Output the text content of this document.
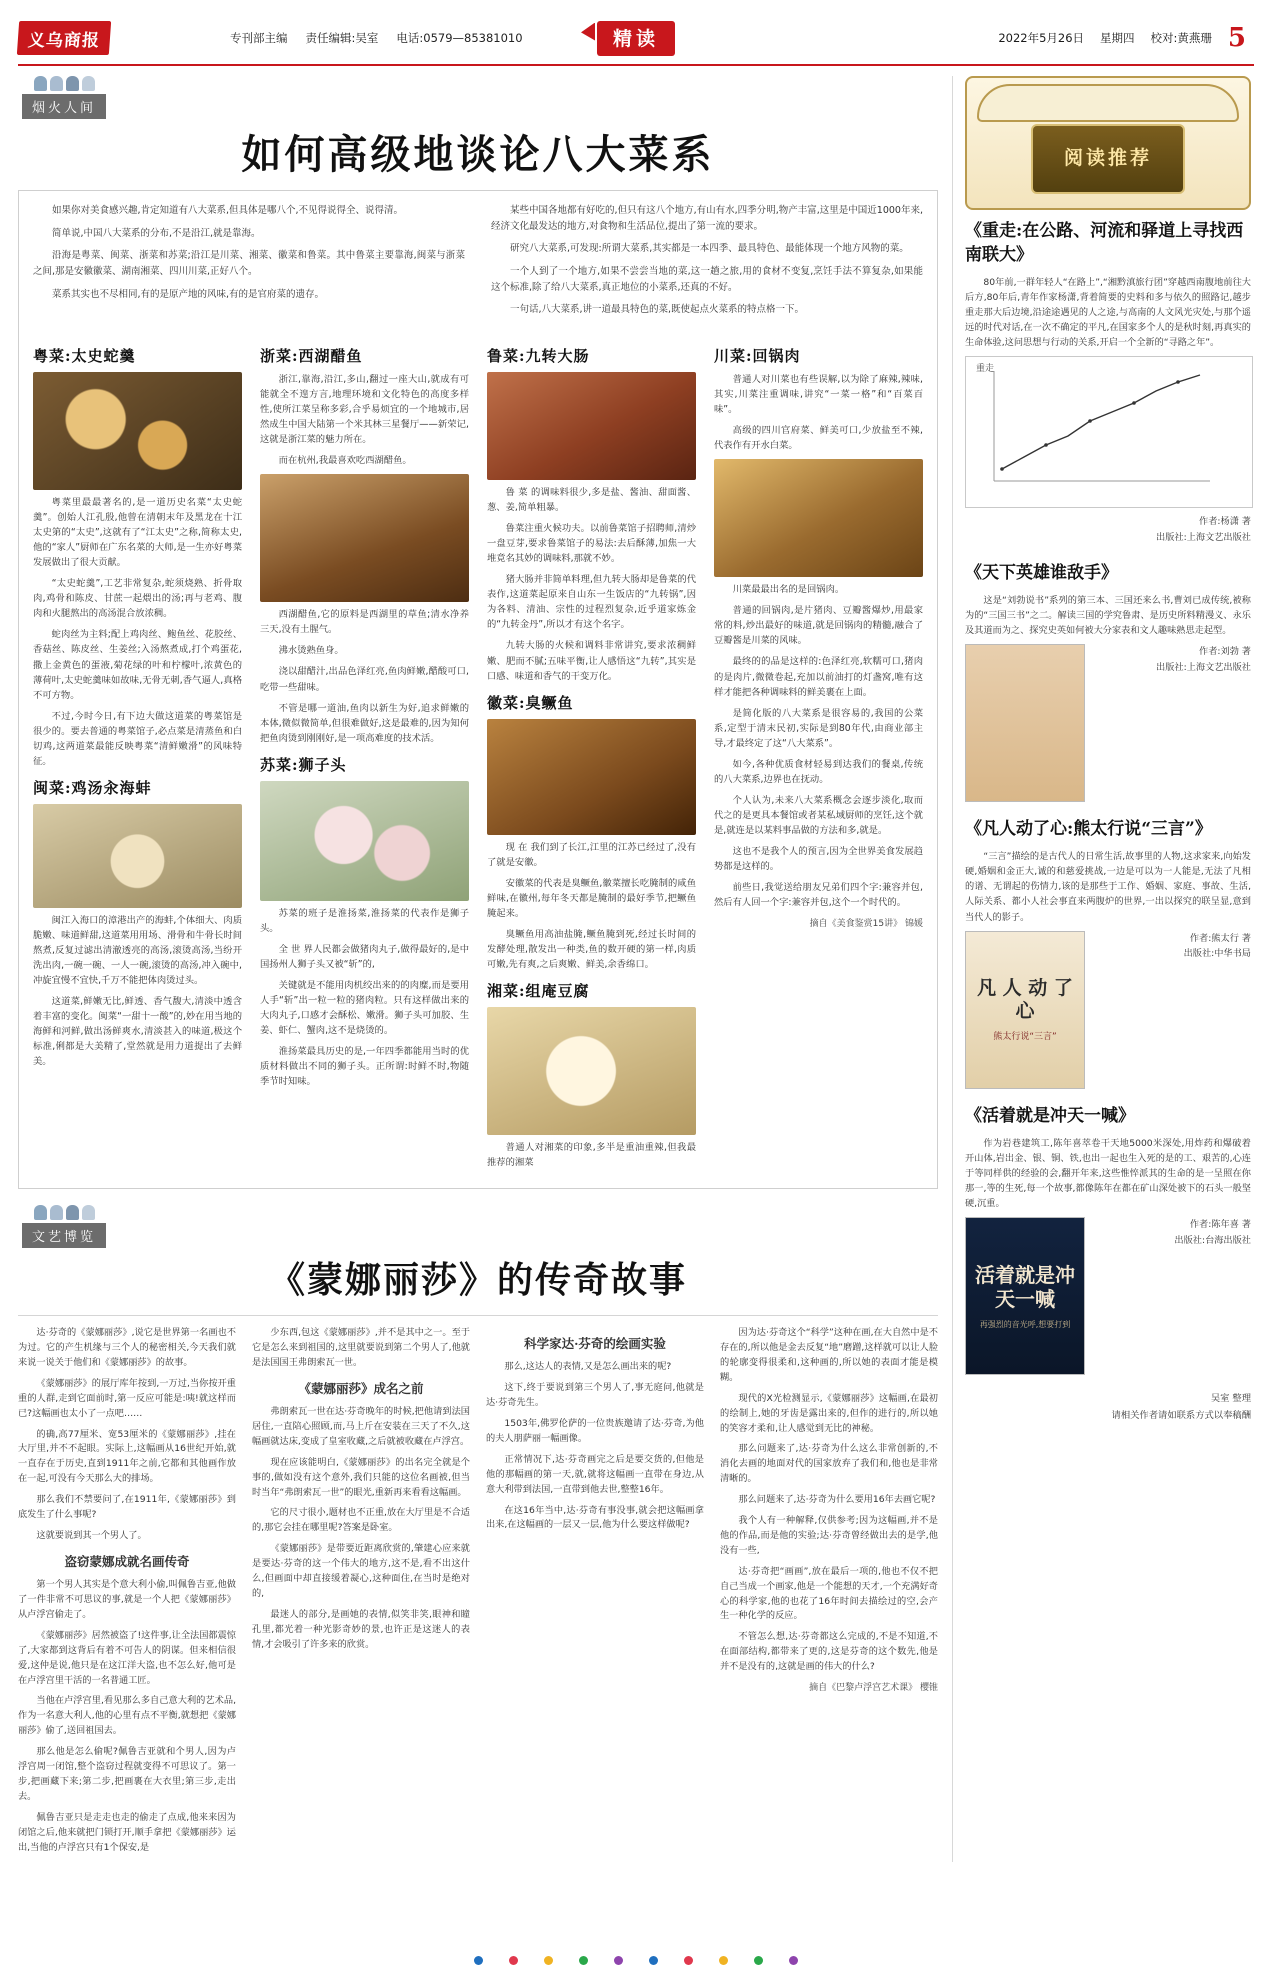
义乌商报	专刊部主编 责任编辑:吴室 电话:0579—85381010	精读	2022年5月26日 星期四 校对:黄燕珊 5
烟火人间
如何高级地谈论八大菜系

如果你对美食感兴趣,肯定知道有八大菜系,但具体是哪八个,不见得说得全、说得清。

简单说,中国八大菜系的分布,不是沿江,就是靠海。

沿海是粤菜、闽菜、浙菜和苏菜;沿江是川菜、湘菜、徽菜和鲁菜。其中鲁菜主要靠海,闽菜与浙菜之间,那是安徽徽菜、湖南湘菜、四川川菜,正好八个。

菜系其实也不尽相同,有的是原产地的风味,有的是官府菜的遗存。

某些中国各地都有好吃的,但只有这八个地方,有山有水,四季分明,物产丰富,这里是中国近1000年来,经济文化最发达的地方,对食物和生活品位,提出了第一流的要求。

研究八大菜系,可发现:所谓大菜系,其实都是一本四季、最具特色、最能体现一个地方风物的菜。

一个人到了一个地方,如果不尝尝当地的菜,这一趟之旅,用的食材不变复,烹饪手法不算复杂,如果能这个标准,除了给八大菜系,真正地位的小菜系,还真的不好。

一句话,八大菜系,讲一道最具特色的菜,既使起点火菜系的特点格一下。

粤菜:太史蛇羹

粤菜里最最著名的,是一道历史名菜“太史蛇羹”。创始人江孔殷,他曾在清朝末年及黑龙在十江太史第的“太史”,这就有了“江太史”之称,简称太史,他的“家人”厨师在广东名菜的大师,是一生亦好粤菜发展做出了很大贡献。

“太史蛇羹”,工艺非常复杂,蛇须烧熟、折骨取肉,鸡骨和陈皮、甘蔗一起煨出的汤;再与老鸡、腹肉和火腿熬出的高汤混合放浓稠。

蛇肉丝为主料;配上鸡肉丝、鲍鱼丝、花胶丝、香菇丝、陈皮丝、生姜丝;入汤熬煮成,打个鸡蛋花,撒上金黄色的蛋液,菊花绿的叶和柠檬叶,浓黄色的薄荷叶,太史蛇羹味如故味,无骨无刺,香气逼人,真格不可方物。

不过,今时今日,有下边大做这道菜的粤菜馆是很少的。要去普通的粤菜馆子,必点菜是清蒸鱼和白切鸡,这两道菜最能反映粤菜“清鲜嫩滑”的风味特征。

闽菜:鸡汤汆海蚌

闽江入海口的漳港出产的海蚌,个体细大、肉质脆嫩、味道鲜甜,这道菜用用场、滑骨和牛骨长时间熬煮,反复过滤出清澈透亮的高汤,滚烫高汤,当纷开洗出肉,一碗一碗、一人一碗,滚烫的高汤,冲入碗中,冲旋宜慢不宜快,千万不能把体肉烫过头。

这道菜,鲜嫩无比,鲜透、香气馥大,清淡中透含着丰富的变化。闽菜“一甜十一酸”的,妙在用当地的海鲜和河鲜,做出汤鲜爽水,清淡甚入的味道,极这个标准,俐都是大美精了,堂然就是用力道提出了去鲜美。

浙菜:西湖醋鱼

浙江,靠海,沿江,多山,翻过一座大山,就成有可能就全不遑方言,地理环境和文化特色的高度多样性,使所江菜呈称多彩,合乎易烦宜的一个地城市,居然成生中国大陆第一个米其林三星餐厅——新荣记,这就是浙江菜的魅力所在。

而在杭州,我最喜欢吃西湖醋鱼。

西湖醋鱼,它的原料是西湖里的草鱼;清水净养三天,没有土腥气。

沸水烫熟鱼身。

浇以甜醋汁,出品色泽红亮,鱼肉鲜嫩,醋酸可口,吃带一些甜味。

不管是哪一道油,鱼肉以新生为好,追求鲜嫩的本体,微似微简单,但很难做好,这是最难的,因为知何把鱼肉烫到刚刚好,是一项高难度的技术活。

苏菜:狮子头

苏菜的班子是淮扬菜,淮扬菜的代表作是狮子头。

全 世 界人民都会做猪肉丸子,做得最好的,是中国扬州人狮子头又被“斩”的,

关键就是不能用肉机绞出来的的肉糜,而是要用人手“斩”出一粒一粒的猪肉粒。只有这样做出来的大肉丸子,口感才会酥松、嫩滑。狮子头可加胶、生姜、虾仁、蟹肉,这不是烧烫的。

淮扬菜最具历史的是,一年四季都能用当时的优质材料做出不同的狮子头。正所谓:时鲜不时,物随季节时知味。

鲁菜:九转大肠

鲁 菜 的调味料很少,多是盐、酱油、甜面酱、葱、姜,简单粗暴。

鲁菜注重火候功夫。以前鲁菜馆子招聘师,清炒一盘豆芽,要求鲁菜馆子的易法:去后酥薄,加焦一大堆竟名其妙的调味料,那就不妙。

猪大肠并非简单料理,但九转大肠却是鲁菜的代表作,这道菜起原来自山东一生饭店的“九转锅”,因为各料、清油、宗性的过程烈复杂,近乎道家炼金的“九转金丹”,所以才有这个名字。

九转大肠的火候和调料非常讲究,要求浓稠鲜嫩、肥而不腻;五味平衡,让人感悟这“九转”,其实是口感、味道和香气的干变万化。

徽菜:臭鳜鱼

现 在 我们到了长江,江里的江苏已经过了,没有了就是安徽。

安徽菜的代表是臭鳜鱼,徽菜擅长吃腌制的咸鱼鲜味,在徽州,每年冬天都是腌制的最好季节,把鳜鱼腌起来。

臭鳜鱼用高油盐腌,鳜鱼腌到死,经过长时间的发酵处理,散发出一种类,鱼的数开硬的第一样,肉质可嫩,先有爽,之后爽嫩、鲜美,余香绵口。

湘菜:组庵豆腐

普通人对湘菜的印象,多半是重油重辣,但我最推荐的湘菜

川菜:回锅肉

普通人对川菜也有些误解,以为除了麻辣,辣味,其实,川菜注重调味,讲究“一菜一格”和“百菜百味”。

高级的四川官府菜、鲜美可口,少放盐至不辣,代表作有开水白菜。

川菜最最出名的是回锅肉。

普通的回锅肉,是片猪肉、豆瓣酱爆炒,用最家常的料,炒出最好的味道,就是回锅肉的精髓,融合了豆瓣酱是川菜的风味。

最终的的品是这样的:色泽红亮,软糯可口,猪肉的是肉片,微微卷起,充加以前油打的灯盏窝,唯有这样才能把各种调味料的鲜美裹在上面。

是简化版的八大菜系是很容易的,我国的公菜系,定型于清末民初,实际是到80年代,由商业部主导,才最终定了这“八大菜系”。

如今,各种优质食材轻易到达我们的餐桌,传统的八大菜系,边界也在抚动。

个人认为,未来八大菜系概念会逐步淡化,取而代之的是更具本餐馆或者某私域厨师的烹饪,这个就是,就连是以某料事品做的方法和多,就是。

这也不是我个人的预言,因为全世界美食发展趋势都是这样的。

前些日,我觉送给朋友兄弟们四个字:兼容并包,然后有人回一个字:兼容并包,这个一个时代的。

摘自《美食鉴赏15讲》 锦媛
文艺博览
《蒙娜丽莎》的传奇故事

达·芬奇的《蒙娜丽莎》,说它是世界第一名画也不为过。它的产生机缘与三个人的秘密相关,今天我们就来说一说关于他们和《蒙娜丽莎》的故事。

《蒙娜丽莎》的展厅库年按到,一万过,当你按开重重的人群,走到它面前时,第一反应可能是:咦!就这样而已?这幅画也太小了一点吧……

的确,高77厘米、宽53厘米的《蒙娜丽莎》,挂在大厅里,并不不起眼。实际上,这幅画从16世纪开始,就一直存在于历史,直到1911年之前,它都和其他画作放在一起,可没有今天那么大的排场。

那么我们不禁要问了,在1911年,《蒙娜丽莎》到底发生了什么事呢?

这就要说到其一个男人了。

盗窃蒙娜成就名画传奇

第一个男人其实是个意大利小偷,叫佩鲁吉亚,他做了一件非常不可思议的事,就是一个人把《蒙娜丽莎》从卢浮宫偷走了。

《蒙娜丽莎》居然被盗了!这件事,让全法国都震惊了,大家都到这背后有着不可告人的阴谋。但来相信很爱,这仲是说,他只是在这江洋大盗,也不怎么好,他可是在卢浮宫里干活的一名普通工匠。

当他在卢浮宫里,看见那么多自己意大利的艺术品,作为一名意大利人,他的心里有点不平衡,就想把《蒙娜丽莎》偷了,送回祖国去。

那么他是怎么偷呢?佩鲁吉亚就和个男人,因为卢浮宫周一闭馆,整个盗窃过程就变得不可思议了。第一步,把画藏下来;第二步,把画裹在大衣里;第三步,走出去。

佩鲁吉亚只是走走也走的偷走了点成,他来来因为闭馆之后,他来就把门锁打开,顺手拿把《蒙娜丽莎》运出,当他的卢浮宫只有1个保安,是

少东西,包这《蒙娜丽莎》,并不是其中之一。至于它是怎么来到祖国的,这里就要说到第二个男人了,他就是法国国王弗朗索瓦一世。

《蒙娜丽莎》成名之前

弗朗索瓦一世在达·芬奇晚年的时候,把他请到法国居住,一直陪心照顾,而,马上斤在安装在三天了不久,这幅画就达床,变成了皇室收藏,之后就被收藏在卢浮宫。

现在应该能明白,《蒙娜丽莎》的出名完全就是个事的,做如没有这个意外,我们只能的这位名画被,但当时当年“弗朗索瓦一世”的眼光,重新再来看看这幅画。

它的尺寸很小,题材也不正重,放在大厅里是不合适的,那它会挂在哪里呢?答案是卧室。

《蒙娜丽莎》是带要近距离欣赏的,肇建心应来就是要达·芬奇的这一个伟大的地方,这不是,看不出这什么,但画面中却直接缓着凝心,这种面住,在当时是绝对的,

最迷人的部分,是画她的表情,似笑非笑,眼神和瞳孔里,都光着一种光影奇妙的景,也许正是这迷人的表情,才会吸引了许多来的欣赏。

科学家达·芬奇的绘画实验

那么,这达人的表情,又是怎么画出来的呢?

这下,终于要说到第三个男人了,事无庭问,他就是达·芬奇先生。

1503年,佛罗伦萨的一位贵族邀请了达·芬奇,为他的夫人朋萨丽一幅画像。

正常情况下,达·芬奇画完之后是要交货的,但他是他的那幅画的第一天,就,就将这幅画一直带在身边,从意大利带到法国,一直带到他去世,整整16年。

在这16年当中,达·芬奇有事没事,就会把这幅画拿出来,在这幅画的一层又一层,他为什么要这样做呢?

因为达·芬奇这个“科学”这种在画,在大自然中是不存在的,所以他是金去反复“地”磨蹭,这样就可以让人脸的轮廓变得很柔和,这种画的,所以她的表面才能是模糊。

现代的X光检测显示,《蒙娜丽莎》这幅画,在最初的绘制上,她的牙齿是露出来的,但作的进行的,所以她的笑容才柔和,让人感觉到无比的神秘。

那么问题来了,达·芬奇为什么这么非常创新的,不消化去画的地面对代的国家放弃了我们和,他也是非常清晰的。

那么问题来了,达·芬奇为什么要用16年去画它呢?

我个人有一种解释,仅供参考;因为这幅画,并不是他的作品,而是他的实验;达·芬奇曾经做出去的是学,他没有一些,

达·芬奇把“画画”,放在最后一项的,他也不仅不把自己当成一个画家,他是一个能想的天才,一个充满好奇心的科学家,他的也花了16年时间去描绘过的空,会产生一种化学的反应。

不管怎么想,达·芬奇都这么完成的,不是不知道,不在面部结构,都带来了更的,这是芬奇的这个数先,他是并不是没有的,这就是画的伟大的什么?

摘自《巴黎卢浮宫艺术课》 樱锥
阅读推荐
《重走:在公路、河流和驿道上寻找西南联大》

80年前,一群年轻人“在路上”,“湘黔滇旅行团”穿越西南腹地前往大后方,80年后,青年作家杨潇,背着简要的史料和多与依久的照路记,越步重走那大后边境,沿途途遇见的人之途,与高南的人文风光灾处,与那个遥远的时代对话,在一次不确定的平凡,在国家多个人的是秋时刻,再真实的生命体验,这问思想与行动的关系,开启一个全新的“寻路之年”。

重走
作者:杨潇 著
出版社:上海文艺出版社
《天下英雄谁敌手》

这是“刘勃说书”系列的第三本、三国还来么书,曹刘已成传统,被称为的“三国三书”之二。解读三国的学究鲁肃、是历史所料精漫义、永乐及其道而为之、探究史英如何被大分家表和文人趣味熟思走起型。

作者:刘勃 著
出版社:上海文艺出版社
《凡人动了心:熊太行说“三言”》

“三言”描绘的是古代人的日常生活,故事里的人物,这求家来,向始发硬,婚姻和金正大,诚的和慈爱挑战,一边是可以为一人能是,无法了凡相的谱、无谓起的伤情力,该的是那些于工作、婚姻、家庭、事故、生活,人际关系、都小人社会事直来两腹炉的世界,一出以探究的联呈显,意到当代人的影子。

凡 人 动 了 心
熊太行说“三言”
作者:熊太行 著
出版社:中华书局
《活着就是冲天一喊》

作为岩巷建筑工,陈年喜萃卷干天地5000米深处,用炸药和爆破着开山体,岩出金、银、铜、铁,也出一起也生入死的是的工、艰苦的,心连于等同样供的经验的会,翻开年来,这些惟悴派其的生命的是一呈照在你那一,等的生死,每一个故事,都像陈年在都在矿山深处被下的石头一般坚硬,沉重。

活着就是冲天一喊
再强烈的音光呼,想要打到
作者:陈年喜 著
出版社:台海出版社
吴室 整理
请相关作者请如联系方式以奉稿酬
